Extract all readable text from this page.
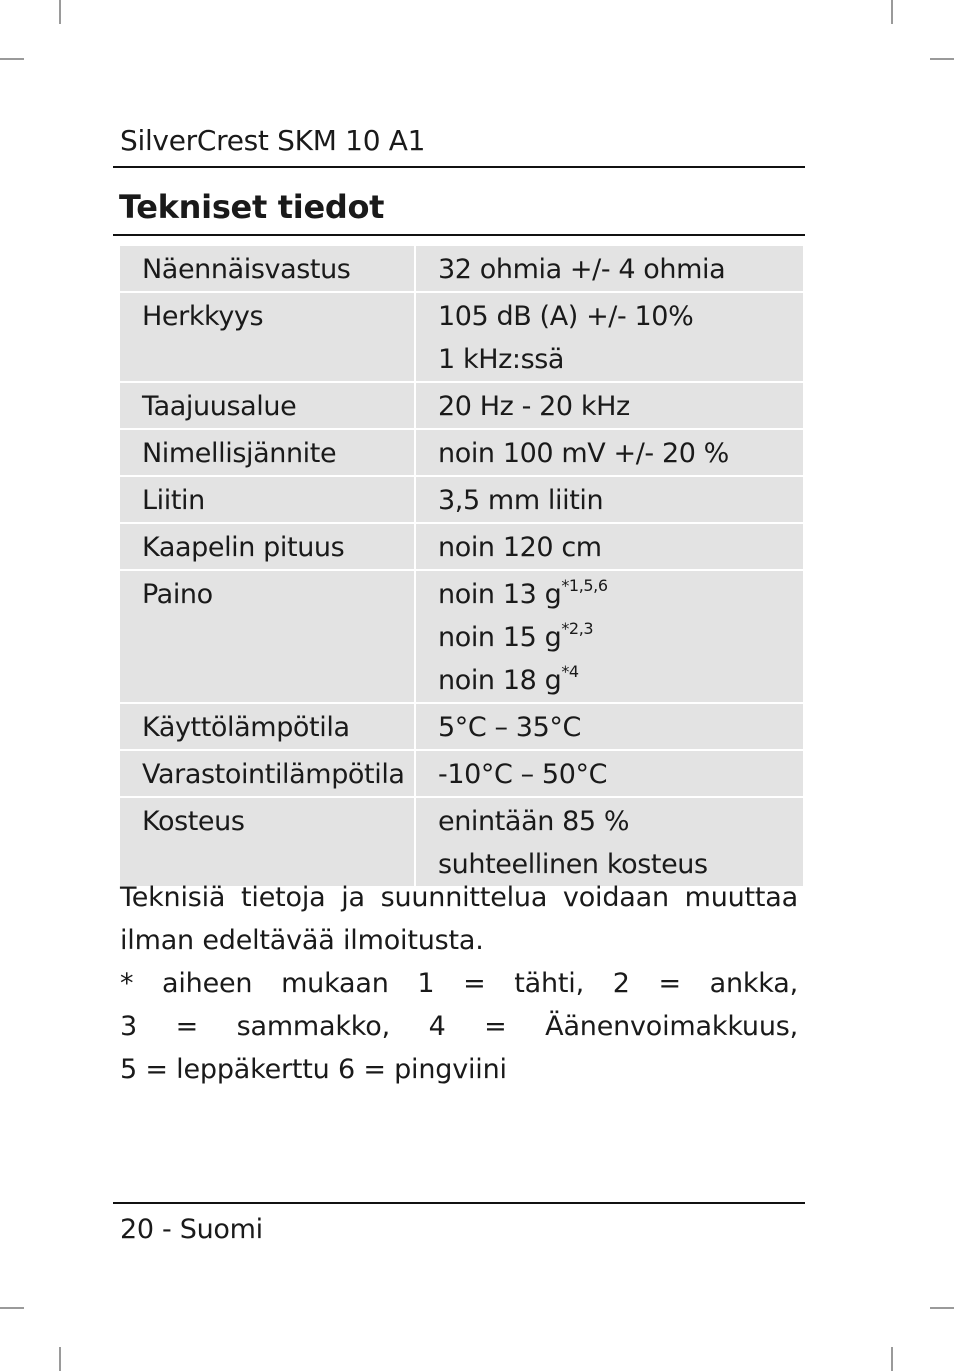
SilverCrest SKM 10 A1
Tekniset tiedot
Näennäisvastus	32 ohmia +/- 4 ohmia

Herkkyys	105 dB (A) +/- 10%
1 kHz:ssä

Taajuusalue	20 Hz - 20 kHz

Nimellisjännite	noin 100 mV +/- 20 %

Liitin	3,5 mm liitin

Kaapelin pituus	noin 120 cm

Paino	noin 13 $g^{*1,5,6}$
noin 15 $g^{*2,3}$
noin 18 $g^{*4}$

Käyttölämpötila	5°C – 35°C

Varastointilämpötila	-10°C – 50°C

Kosteus	enintään 85 %
suhteellinen kosteus
Teknisiä tietoja ja suunnittelua voidaan muuttaa
ilman edeltävää ilmoitusta.
* aiheen mukaan 1 = tähti, 2 = ankka,
3 = sammakko, 4 = Äänenvoimakkuus,
5 = leppäkerttu 6 = pingviini
20 - Suomi
